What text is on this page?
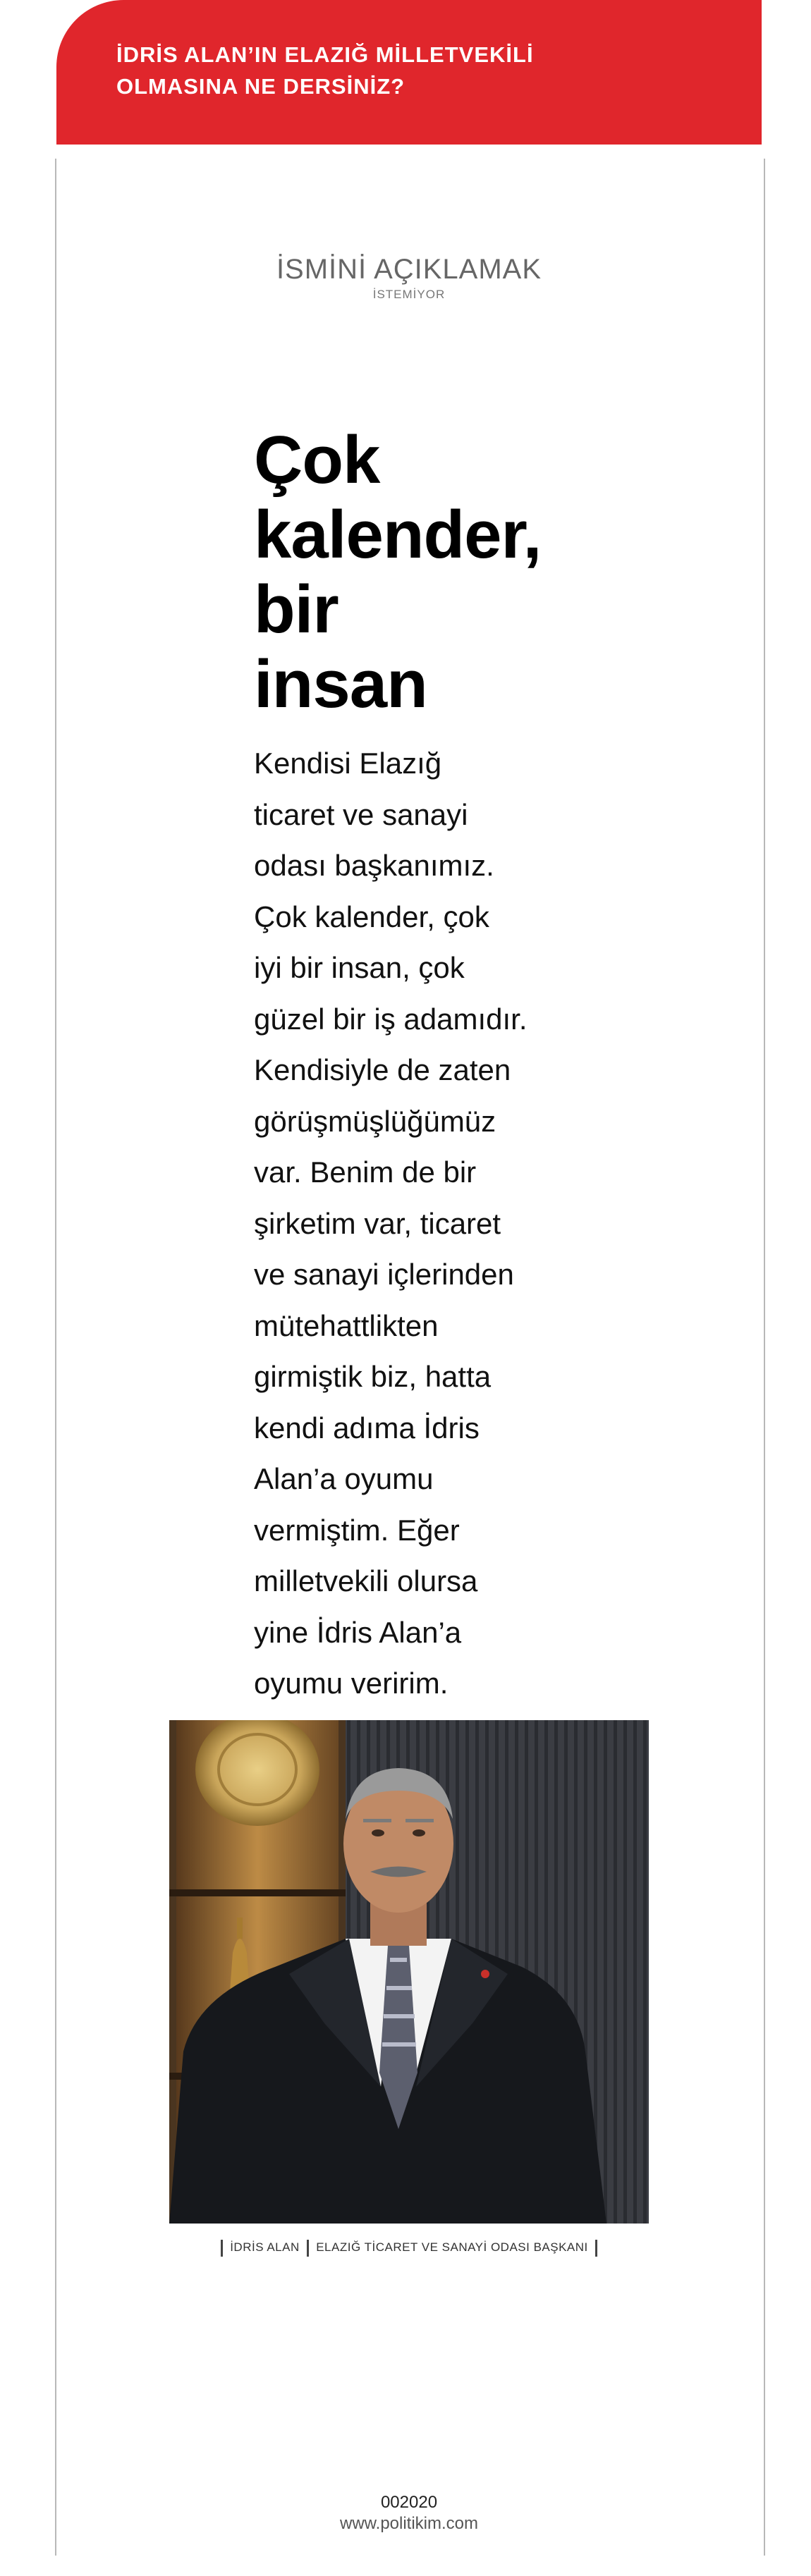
İDRİS ALAN’IN ELAZIĞ MİLLETVEKİLİ
OLMASINA NE DERSİNİZ?
İSMİNİ AÇIKLAMAK
İSTEMİYOR
Çok
kalender,
bir
insan
Kendisi Elazığ
ticaret ve sanayi
odası başkanımız.
Çok kalender, çok
iyi bir insan, çok
güzel bir iş adamıdır.
Kendisiyle de zaten
görüşmüşlüğümüz
var. Benim de bir
şirketim var, ticaret
ve sanayi içlerinden
mütehattlikten
girmiştik biz, hatta
kendi adıma İdris
Alan’a oyumu
vermiştim. Eğer
milletvekili olursa
yine İdris Alan’a
oyumu veririm.
İDRİS ALAN ELAZIĞ TİCARET VE SANAYİ ODASI BAŞKANI
002020
www.politikim.com
